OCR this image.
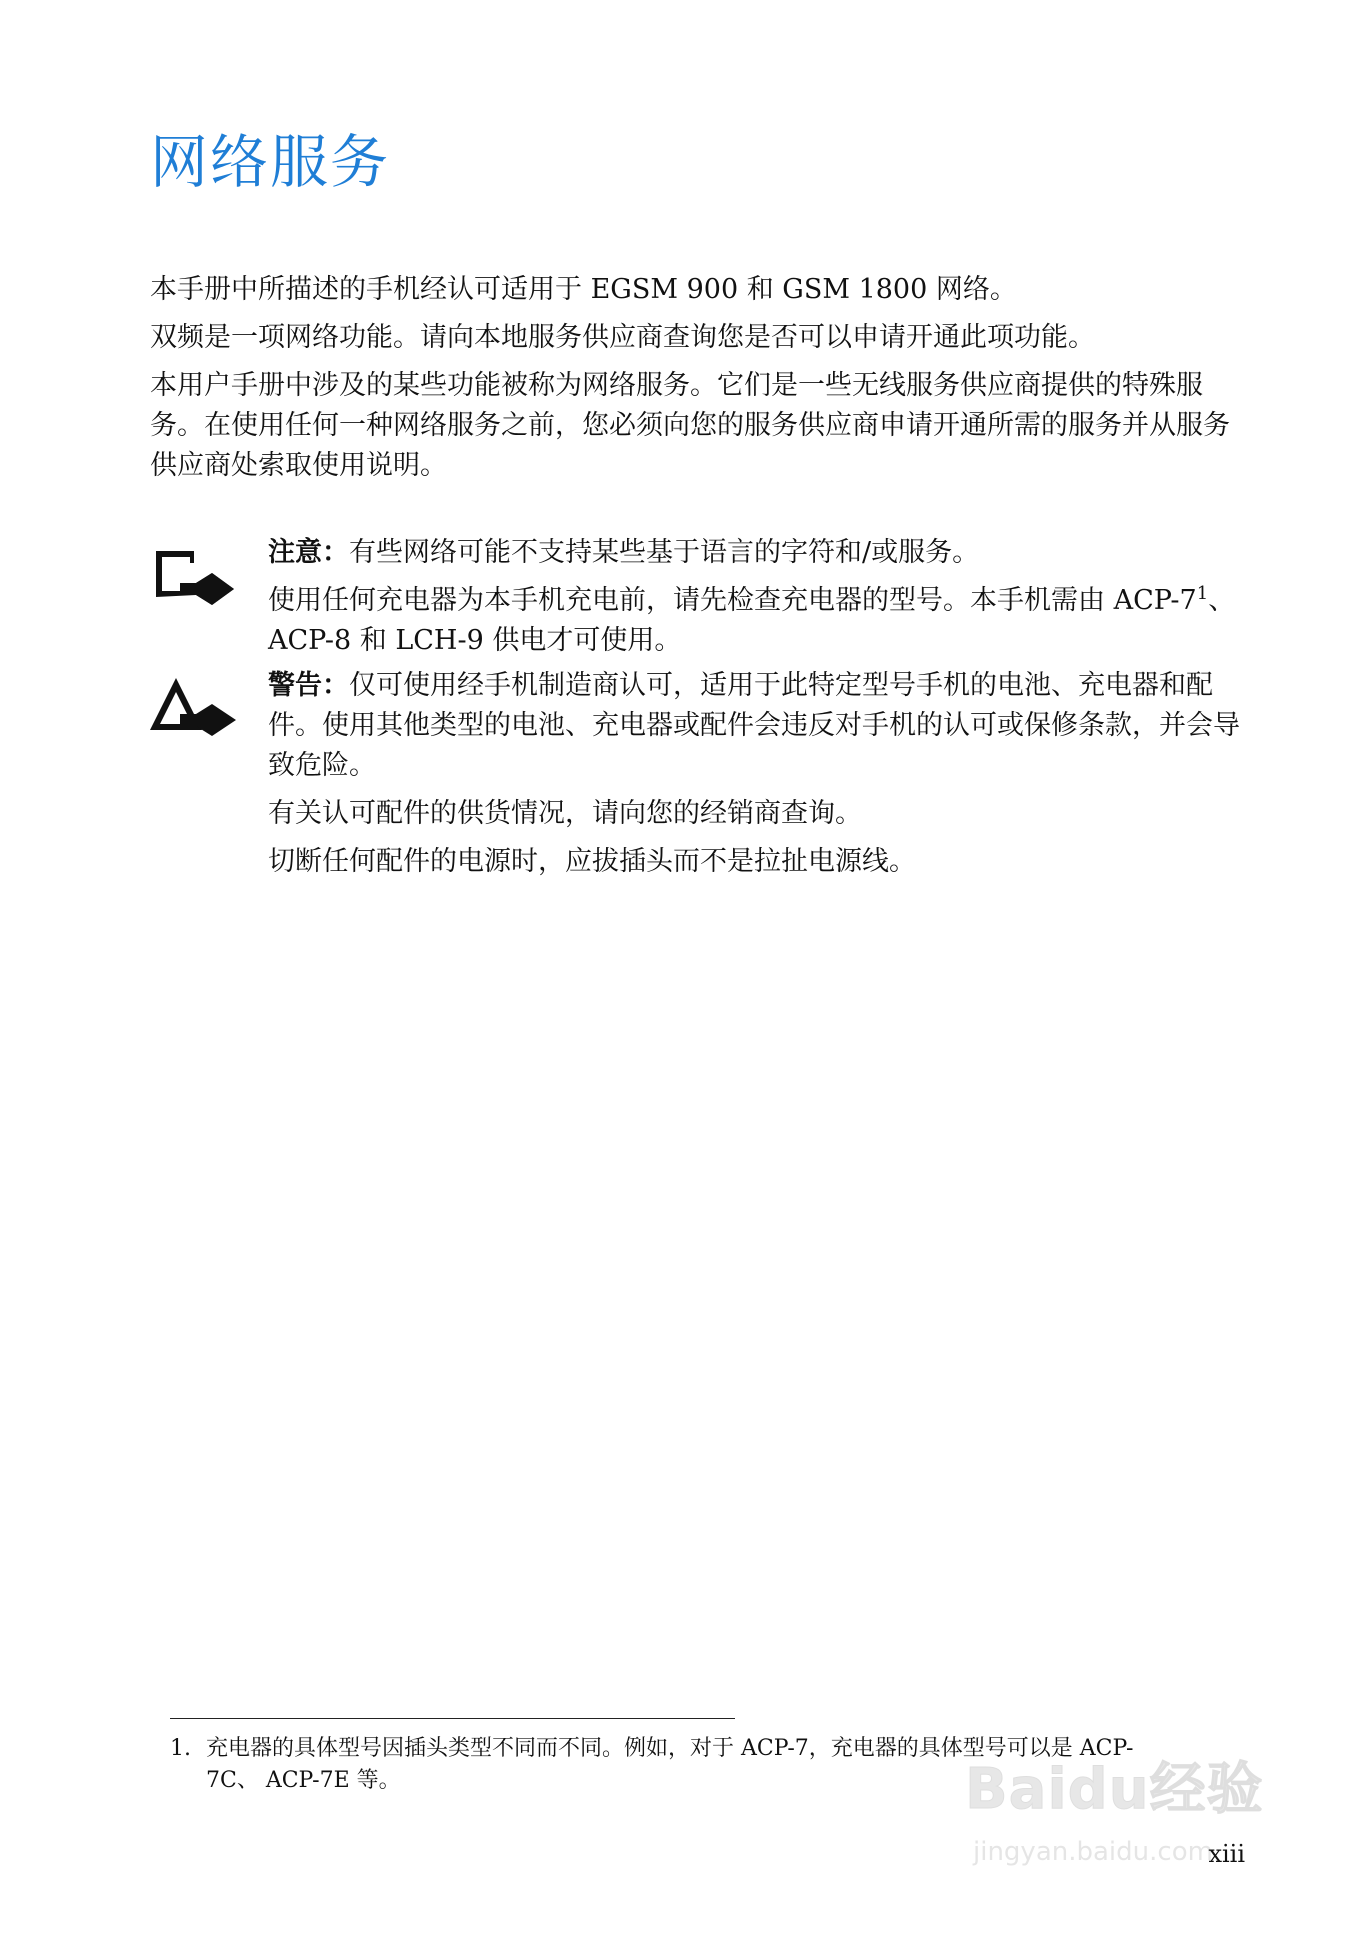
网络服务

本手册中所描述的手机经认可适用于 EGSM 900 和 GSM 1800 网络。

双频是一项网络功能。请向本地服务供应商查询您是否可以申请开通此项功能。

本用户手册中涉及的某些功能被称为网络服务。它们是一些无线服务供应商提供的特殊服务。在使用任何一种网络服务之前，您必须向您的服务供应商申请开通所需的服务并从服务供应商处索取使用说明。

注意：有些网络可能不支持某些基于语言的字符和/或服务。

使用任何充电器为本手机充电前，请先检查充电器的型号。本手机需由 ACP-$7^1$、ACP-8 和 LCH-9 供电才可使用。

警告：仅可使用经手机制造商认可，适用于此特定型号手机的电池、充电器和配件。使用其他类型的电池、充电器或配件会违反对手机的认可或保修条款，并会导致危险。

有关认可配件的供货情况，请向您的经销商查询。

切断任何配件的电源时，应拔插头而不是拉扯电源线。

1. 充电器的具体型号因插头类型不同而不同。例如，对于 ACP-7，充电器的具体型号可以是 ACP-7C、 ACP-7E 等。	Baidu经验
jingyan.baidu.com
xiii
